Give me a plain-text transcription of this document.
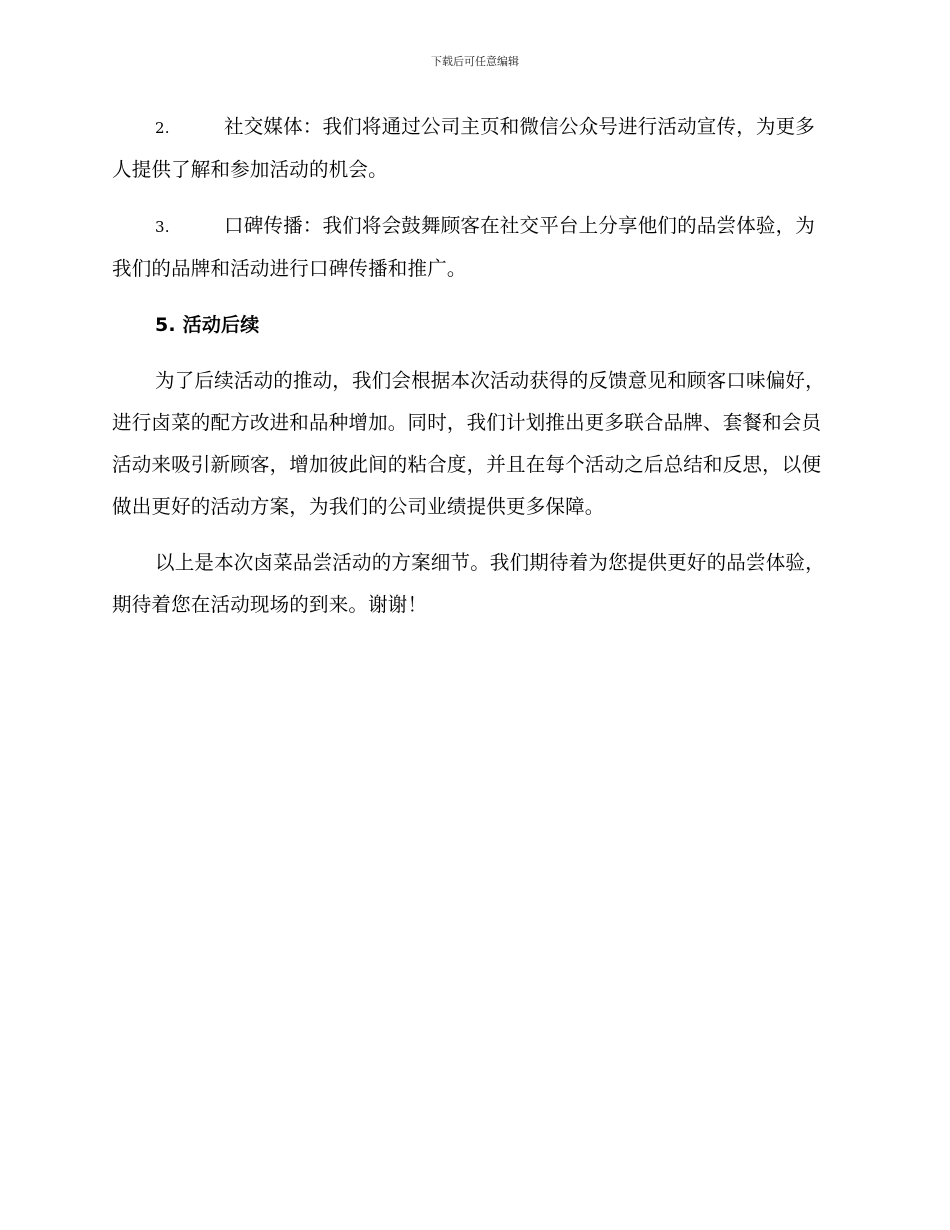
下载后可任意编辑

2.	社交媒体：我们将通过公司主页和微信公众号进行活动宣传，为更多人提供了解和参加活动的机会。

3.	口碑传播：我们将会鼓舞顾客在社交平台上分享他们的品尝体验，为我们的品牌和活动进行口碑传播和推广。

5. 活动后续

为了后续活动的推动，我们会根据本次活动获得的反馈意见和顾客口味偏好，进行卤菜的配方改进和品种增加。同时，我们计划推出更多联合品牌、套餐和会员活动来吸引新顾客，增加彼此间的粘合度，并且在每个活动之后总结和反思，以便做出更好的活动方案，为我们的公司业绩提供更多保障。

以上是本次卤菜品尝活动的方案细节。我们期待着为您提供更好的品尝体验，期待着您在活动现场的到来。谢谢！
